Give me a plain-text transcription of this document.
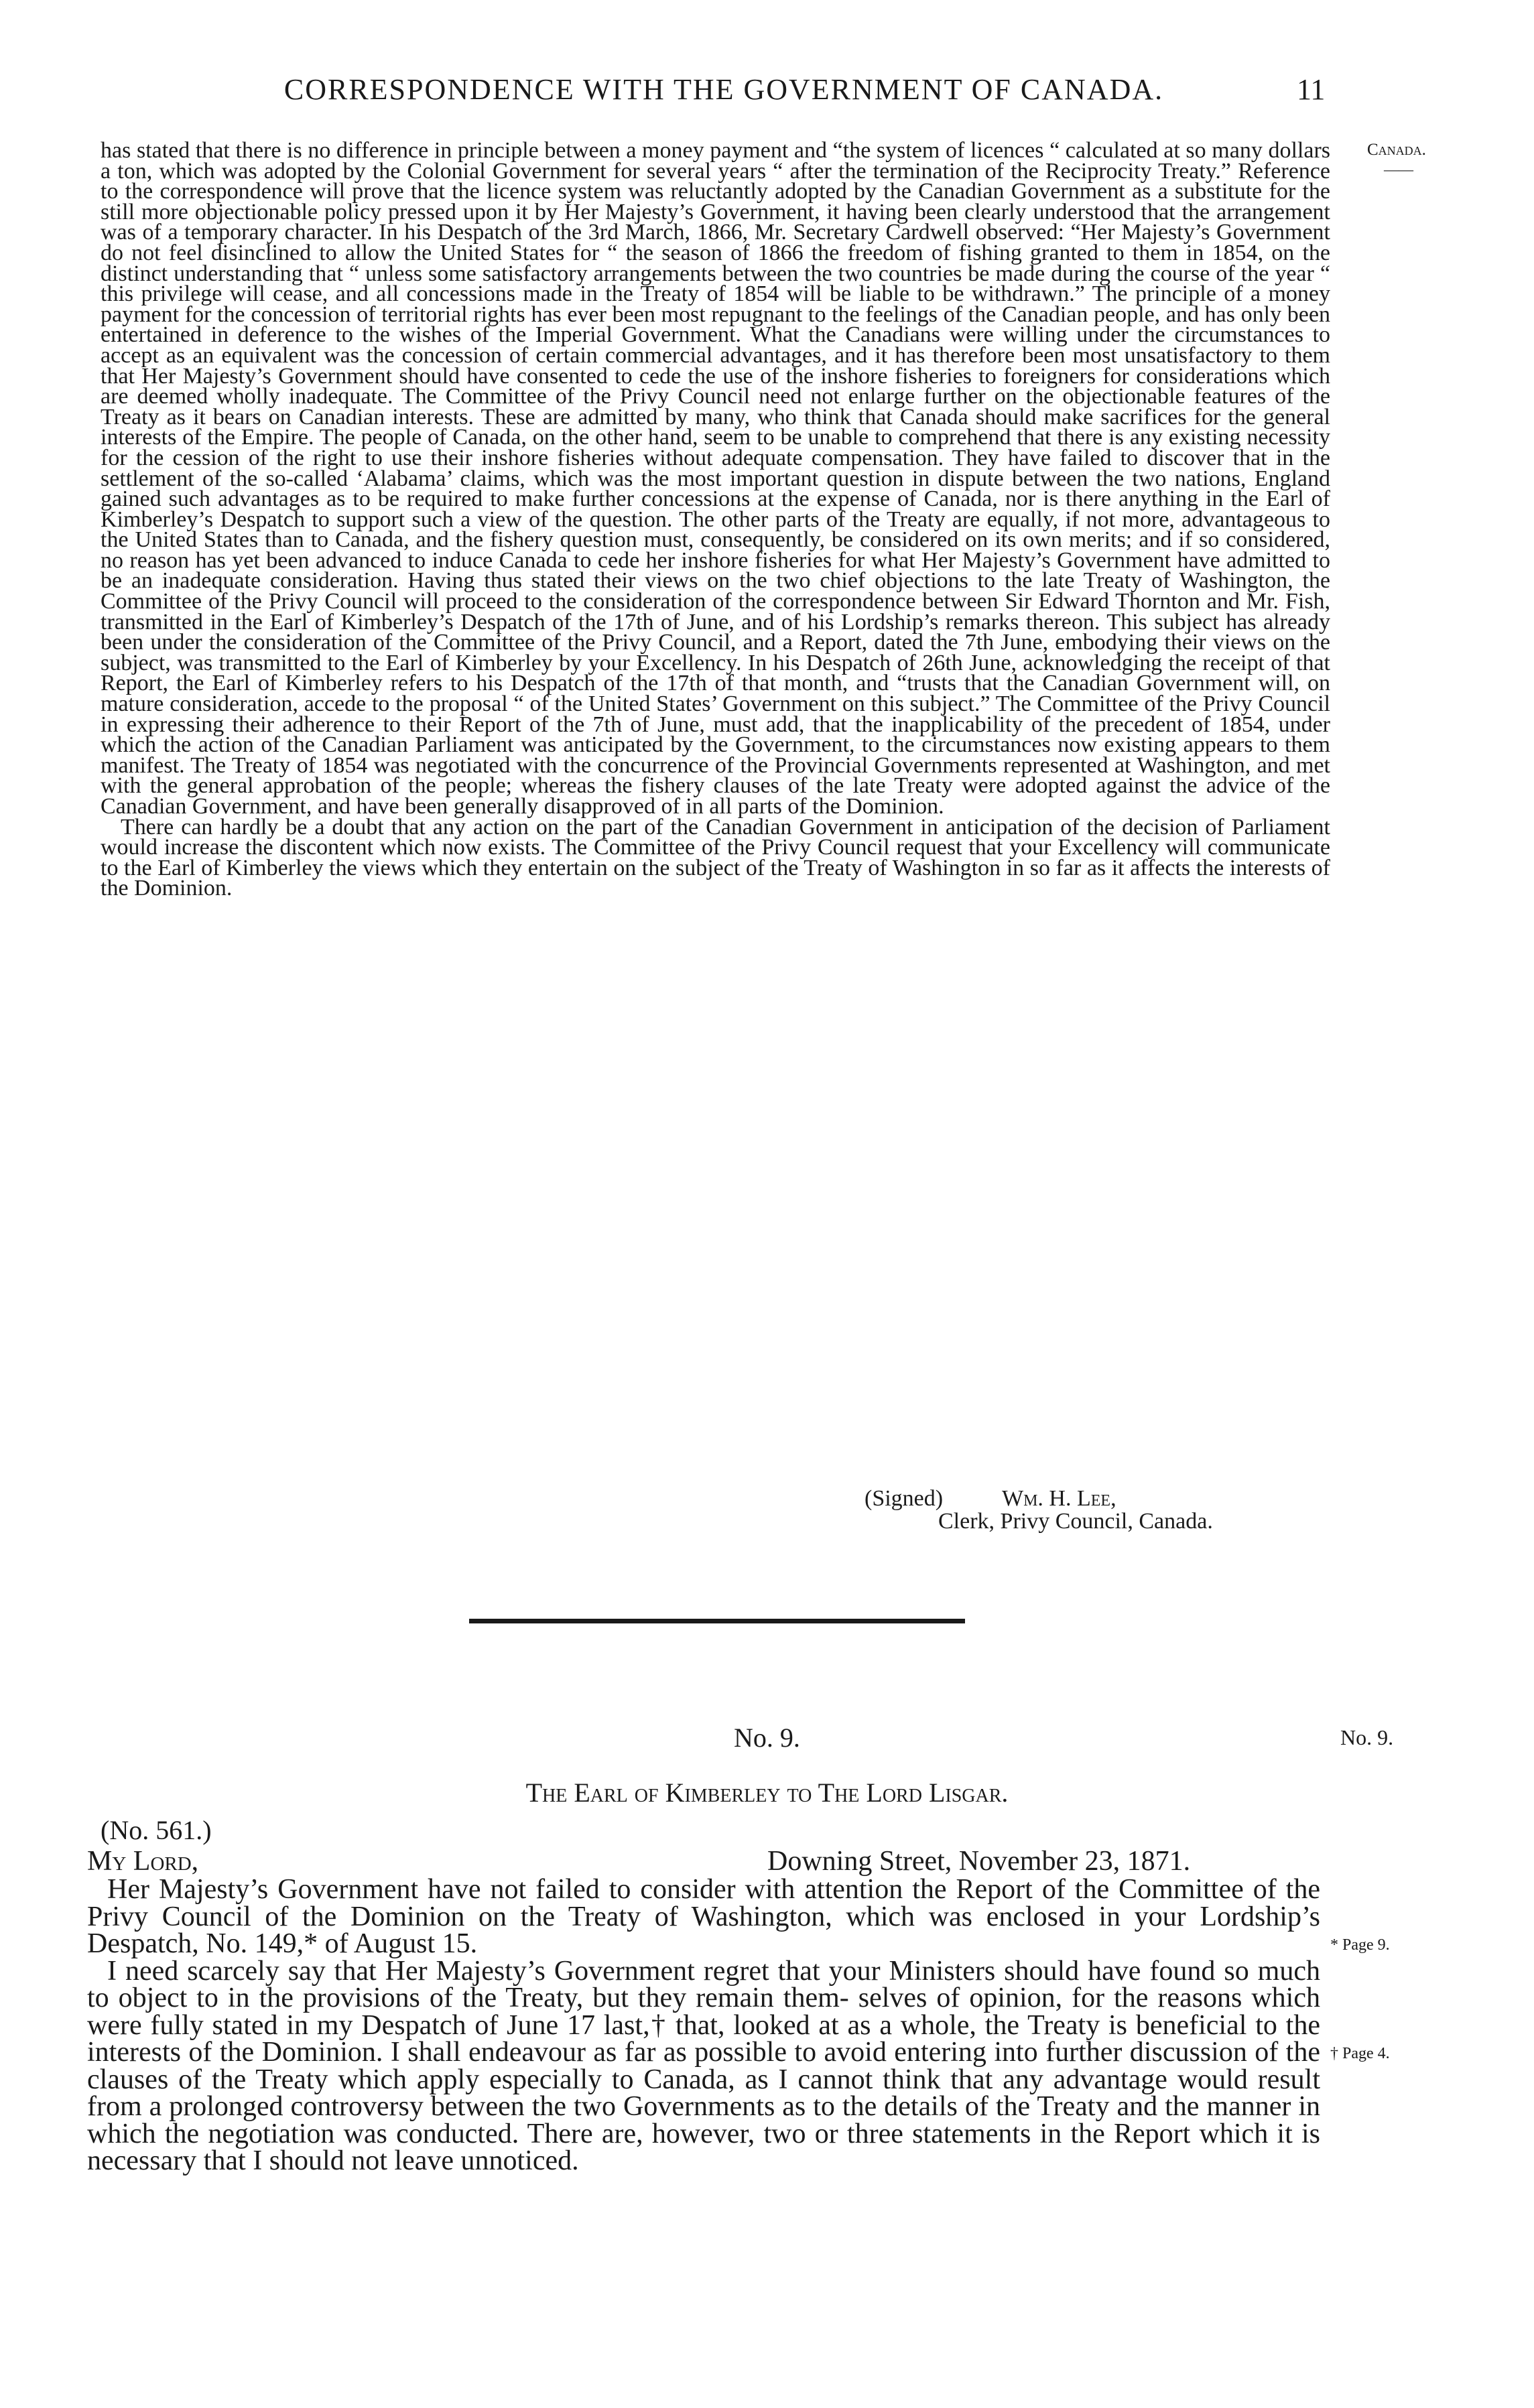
CORRESPONDENCE WITH THE GOVERNMENT OF CANADA.	11
Canada.
——

has stated that there is no difference in principle between a money payment and “the system of licences “ calculated at so many dollars a ton, which was adopted by the Colonial Government for several years “ after the termination of the Reciprocity Treaty.” Reference to the correspondence will prove that the licence system was reluctantly adopted by the Canadian Government as a substitute for the still more objectionable policy pressed upon it by Her Majesty’s Government, it having been clearly understood that the arrangement was of a temporary character. In his Despatch of the 3rd March, 1866, Mr. Secretary Cardwell observed: “Her Majesty’s Government do not feel disinclined to allow the United States for “ the season of 1866 the freedom of fishing granted to them in 1854, on the distinct understanding that “ unless some satisfactory arrangements between the two countries be made during the course of the year “ this privilege will cease, and all concessions made in the Treaty of 1854 will be liable to be withdrawn.” The principle of a money payment for the concession of territorial rights has ever been most repugnant to the feelings of the Canadian people, and has only been entertained in deference to the wishes of the Imperial Government. What the Canadians were willing under the circumstances to accept as an equivalent was the concession of certain commercial advantages, and it has therefore been most unsatisfactory to them that Her Majesty’s Government should have consented to cede the use of the inshore fisheries to foreigners for considerations which are deemed wholly inadequate. The Committee of the Privy Council need not enlarge further on the objectionable features of the Treaty as it bears on Canadian interests. These are admitted by many, who think that Canada should make sacrifices for the general interests of the Empire. The people of Canada, on the other hand, seem to be unable to comprehend that there is any existing necessity for the cession of the right to use their inshore fisheries without adequate compensation. They have failed to discover that in the settlement of the so-called ‘Alabama’ claims, which was the most important question in dispute between the two nations, England gained such advantages as to be required to make further concessions at the expense of Canada, nor is there anything in the Earl of Kimberley’s Despatch to support such a view of the question. The other parts of the Treaty are equally, if not more, advantageous to the United States than to Canada, and the fishery question must, consequently, be considered on its own merits; and if so considered, no reason has yet been advanced to induce Canada to cede her inshore fisheries for what Her Majesty’s Government have admitted to be an inadequate consideration. Having thus stated their views on the two chief objections to the late Treaty of Washington, the Committee of the Privy Council will proceed to the consideration of the correspondence between Sir Edward Thornton and Mr. Fish, transmitted in the Earl of Kimberley’s Despatch of the 17th of June, and of his Lordship’s remarks thereon. This subject has already been under the consideration of the Committee of the Privy Council, and a Report, dated the 7th June, embodying their views on the subject, was transmitted to the Earl of Kimberley by your Excellency. In his Despatch of 26th June, acknowledging the receipt of that Report, the Earl of Kimberley refers to his Despatch of the 17th of that month, and “trusts that the Canadian Government will, on mature consideration, accede to the proposal “ of the United States’ Government on this subject.” The Committee of the Privy Council in expressing their adherence to their Report of the 7th of June, must add, that the inapplicability of the precedent of 1854, under which the action of the Canadian Parliament was anticipated by the Government, to the circumstances now existing appears to them manifest. The Treaty of 1854 was negotiated with the concurrence of the Provincial Governments represented at Washington, and met with the general approbation of the people; whereas the fishery clauses of the late Treaty were adopted against the advice of the Canadian Government, and have been generally disapproved of in all parts of the Dominion.

There can hardly be a doubt that any action on the part of the Canadian Government in anticipation of the decision of Parliament would increase the discontent which now exists. The Committee of the Privy Council request that your Excellency will communicate to the Earl of Kimberley the views which they entertain on the subject of the Treaty of Washington in so far as it affects the interests of the Dominion.

(Signed)	Wm. H. Lee,
Clerk, Privy Council, Canada.
No. 9.	No. 9.
The Earl of Kimberley to The Lord Lisgar.
(No. 561.)
My Lord,	Downing Street, November 23, 1871.

Her Majesty’s Government have not failed to consider with attention the Report of the Committee of the Privy Council of the Dominion on the Treaty of Washington, which was enclosed in your Lordship’s Despatch, No. 149,* of August 15.

I need scarcely say that Her Majesty’s Government regret that your Ministers should have found so much to object to in the provisions of the Treaty, but they remain them- selves of opinion, for the reasons which were fully stated in my Despatch of June 17 last,† that, looked at as a whole, the Treaty is beneficial to the interests of the Dominion. I shall endeavour as far as possible to avoid entering into further discussion of the clauses of the Treaty which apply especially to Canada, as I cannot think that any advantage would result from a prolonged controversy between the two Governments as to the details of the Treaty and the manner in which the negotiation was conducted. There are, however, two or three statements in the Report which it is necessary that I should not leave unnoticed.

* Page 9.
† Page 4.
